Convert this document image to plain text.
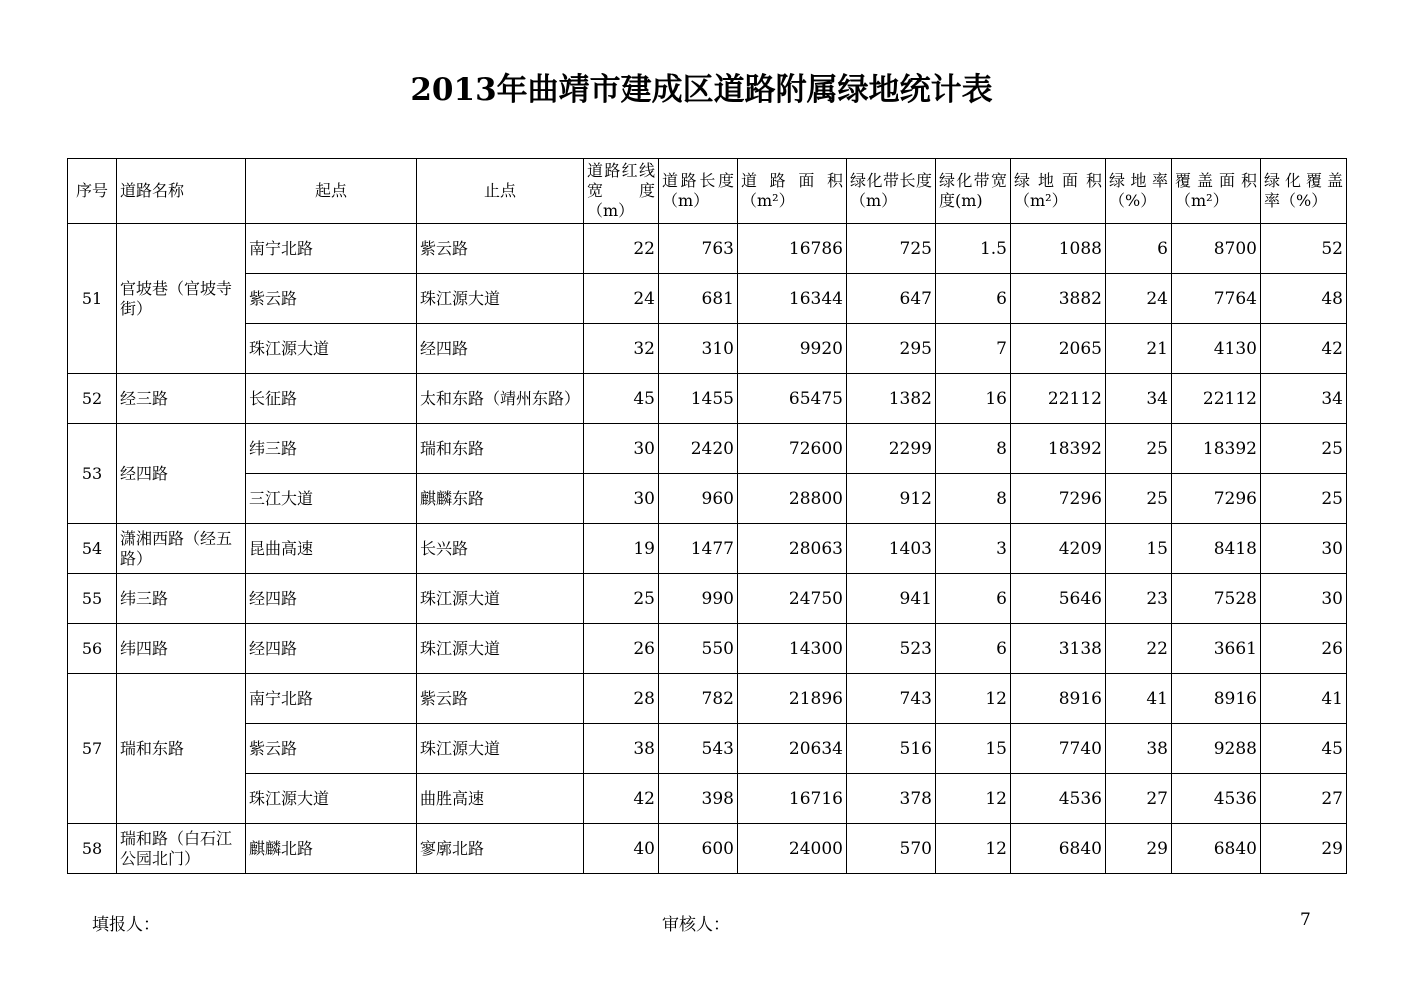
2013年曲靖市建成区道路附属绿地统计表
序号	道路名称	起点	止点	道路红线宽度（m）	道路长度（m）	道路面积（m²）	绿化带长度（m）	绿化带宽度(m)	绿地面积（m²）	绿地率（%）	覆盖面积（m²）	绿化覆盖率（%）
51	官坡巷（官坡寺街）	南宁北路	紫云路	22	763	16786	725	1.5	1088	6	8700	52
		紫云路	珠江源大道	24	681	16344	647	6	3882	24	7764	48
		珠江源大道	经四路	32	310	9920	295	7	2065	21	4130	42
52	经三路	长征路	太和东路（靖州东路）	45	1455	65475	1382	16	22112	34	22112	34
53	经四路	纬三路	瑞和东路	30	2420	72600	2299	8	18392	25	18392	25
		三江大道	麒麟东路	30	960	28800	912	8	7296	25	7296	25
54	潇湘西路（经五路）	昆曲高速	长兴路	19	1477	28063	1403	3	4209	15	8418	30
55	纬三路	经四路	珠江源大道	25	990	24750	941	6	5646	23	7528	30
56	纬四路	经四路	珠江源大道	26	550	14300	523	6	3138	22	3661	26
57	瑞和东路	南宁北路	紫云路	28	782	21896	743	12	8916	41	8916	41
		紫云路	珠江源大道	38	543	20634	516	15	7740	38	9288	45
		珠江源大道	曲胜高速	42	398	16716	378	12	4536	27	4536	27
58	瑞和路（白石江公园北门）	麒麟北路	寥廓北路	40	600	24000	570	12	6840	29	6840	29
填报人：	审核人：	7
